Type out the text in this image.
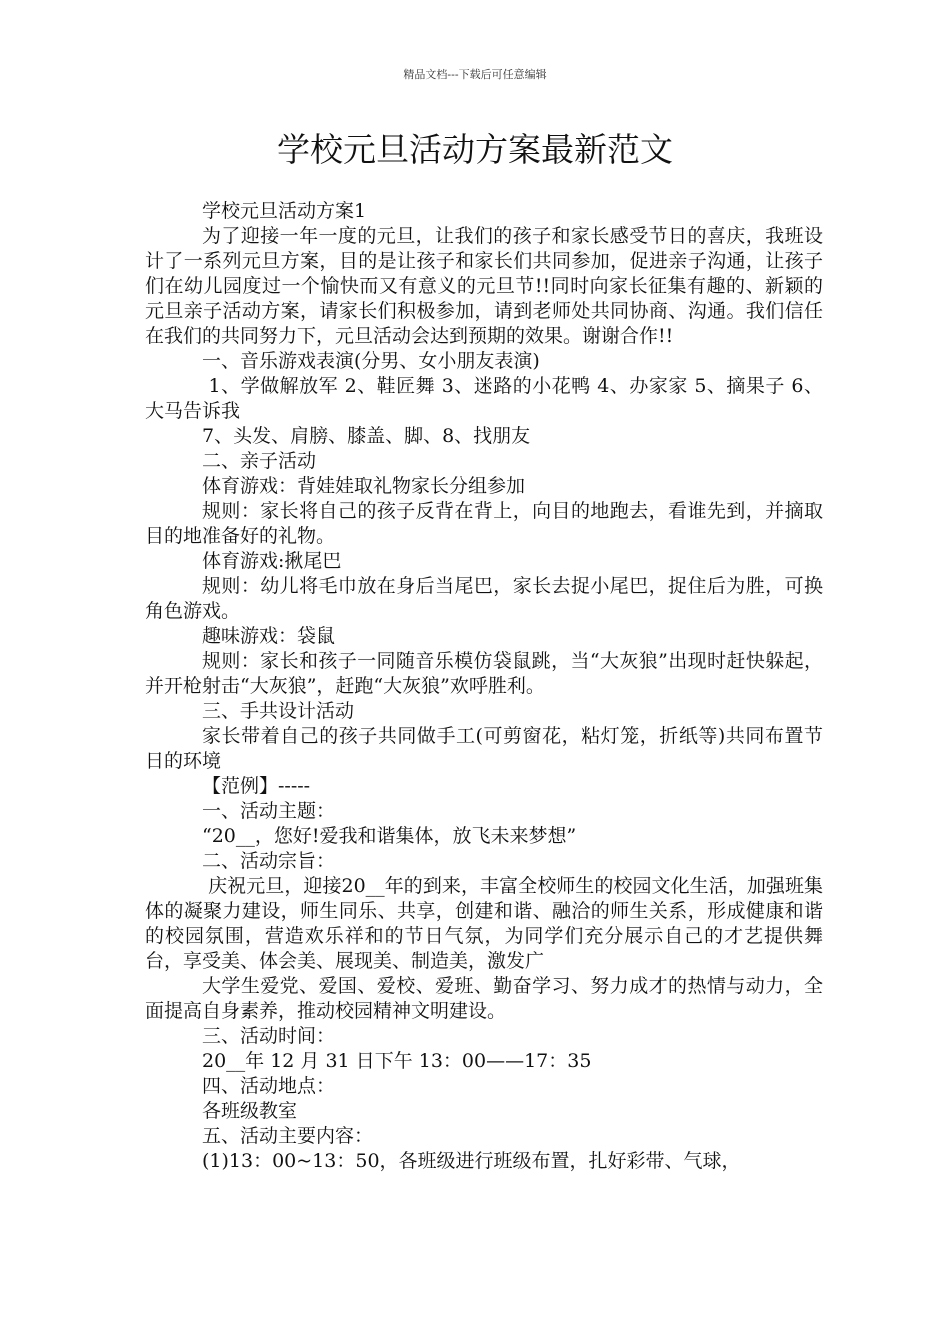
精品文档---下载后可任意编辑
学校元旦活动方案最新范文

学校元旦活动方案1

为了迎接一年一度的元旦，让我们的孩子和家长感受节日的喜庆，我班设计了一系列元旦方案，目的是让孩子和家长们共同参加，促进亲子沟通，让孩子们在幼儿园度过一个愉快而又有意义的元旦节!!同时向家长征集有趣的、新颖的元旦亲子活动方案，请家长们积极参加，请到老师处共同协商、沟通。我们信任在我们的共同努力下，元旦活动会达到预期的效果。谢谢合作!!

一、音乐游戏表演(分男、女小朋友表演)

1、学做解放军 2、鞋匠舞 3、迷路的小花鸭 4、办家家 5、摘果子 6、大马告诉我

7、头发、肩膀、膝盖、脚、8、找朋友

二、亲子活动

体育游戏：背娃娃取礼物家长分组参加

规则：家长将自己的孩子反背在背上，向目的地跑去，看谁先到，并摘取目的地准备好的礼物。

体育游戏:揪尾巴

规则：幼儿将毛巾放在身后当尾巴，家长去捉小尾巴，捉住后为胜，可换角色游戏。

趣味游戏：袋鼠

规则：家长和孩子一同随音乐模仿袋鼠跳，当“大灰狼”出现时赶快躲起，并开枪射击“大灰狼”，赶跑“大灰狼”欢呼胜利。

三、手共设计活动

家长带着自己的孩子共同做手工(可剪窗花，粘灯笼，折纸等)共同布置节日的环境

【范例】-----

一、活动主题：

“20__，您好!爱我和谐集体，放飞未来梦想”

二、活动宗旨：

庆祝元旦，迎接20__年的到来，丰富全校师生的校园文化生活，加强班集体的凝聚力建设，师生同乐、共享，创建和谐、融洽的师生关系，形成健康和谐的校园氛围，营造欢乐祥和的节日气氛，为同学们充分展示自己的才艺提供舞台，享受美、体会美、展现美、制造美，激发广

大学生爱党、爱国、爱校、爱班、勤奋学习、努力成才的热情与动力，全面提高自身素养，推动校园精神文明建设。

三、活动时间：

20__年 12 月 31 日下午 13：00——17：35

四、活动地点：

各班级教室

五、活动主要内容：

(1)13：00~13：50，各班级进行班级布置，扎好彩带、气球，
